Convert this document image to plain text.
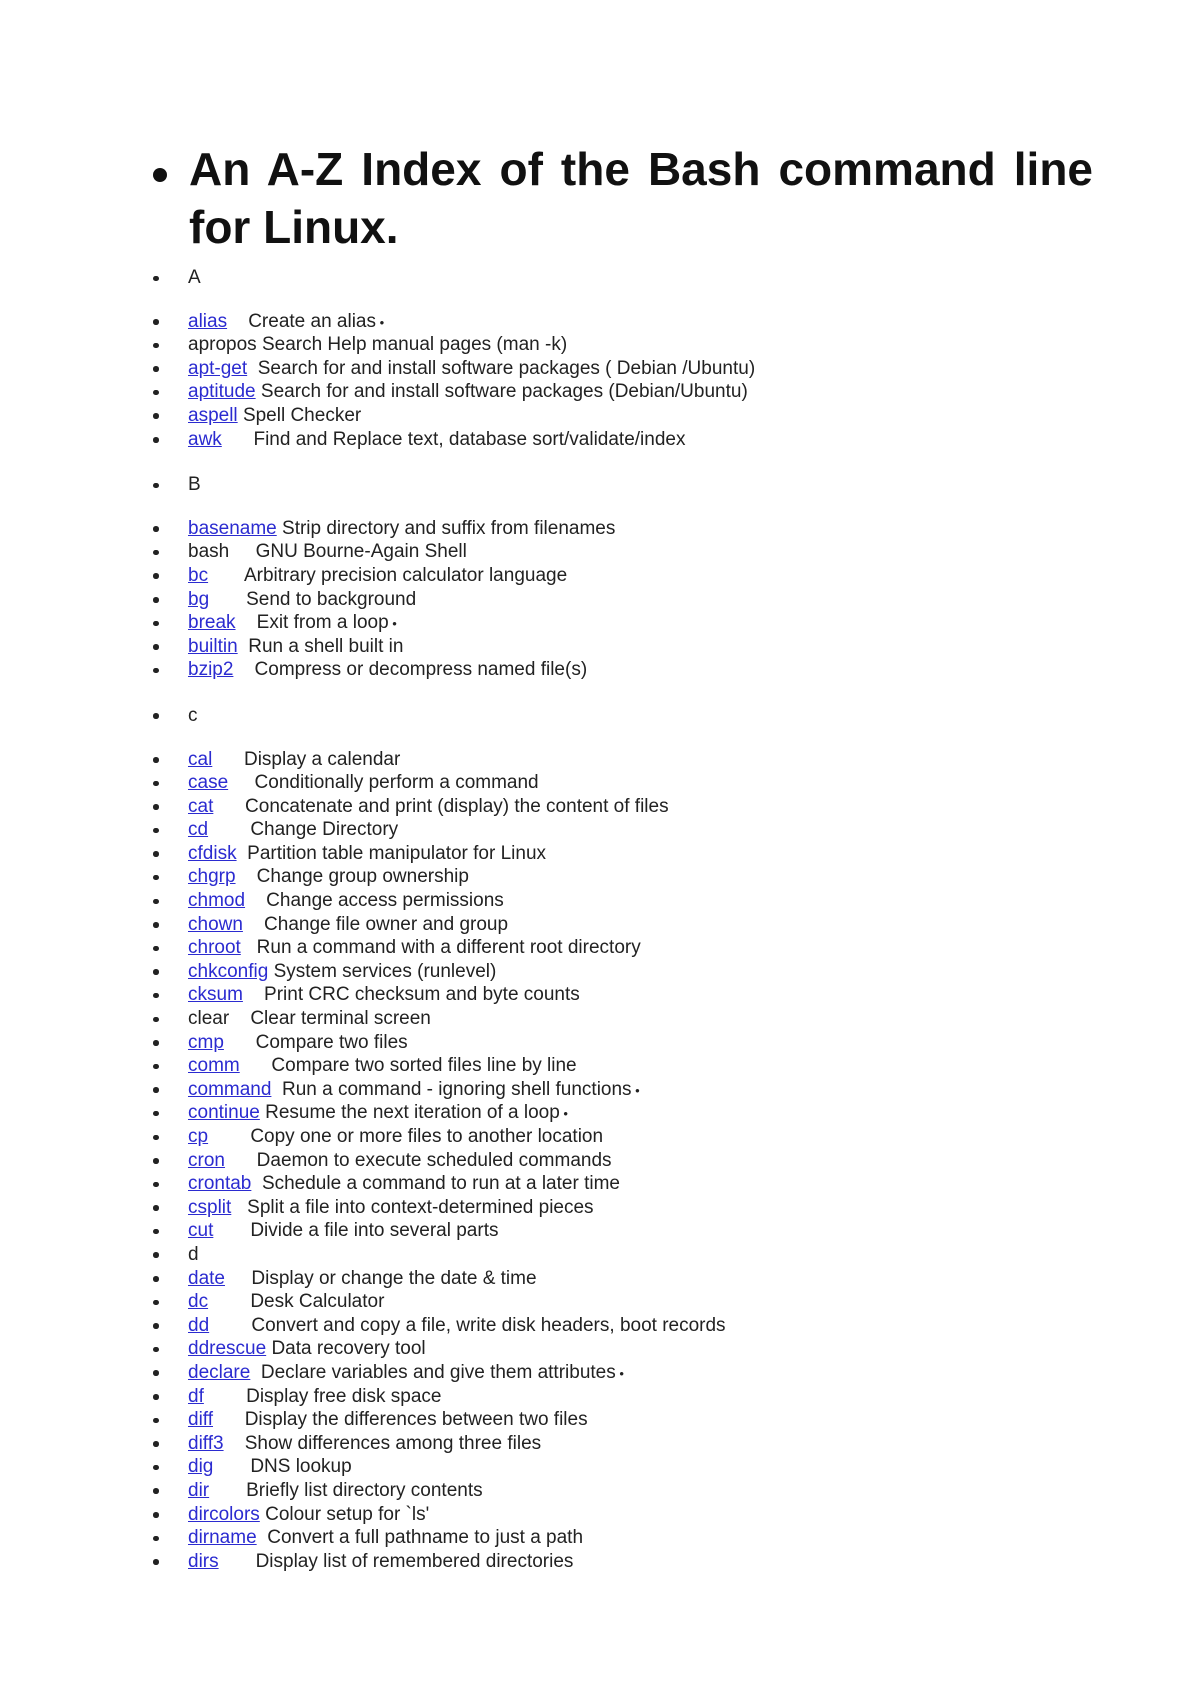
An A-Z Index of the Bash command line for Linux.
A
alias Create an alias •
apropos Search Help manual pages (man -k)
apt-get Search for and install software packages ( Debian /Ubuntu)
aptitude Search for and install software packages (Debian/Ubuntu)
aspell Spell Checker
awk Find and Replace text, database sort/validate/index
B
basename Strip directory and suffix from filenames
bash GNU Bourne-Again Shell
bc Arbitrary precision calculator language
bg Send to background
break Exit from a loop •
builtin Run a shell built in
bzip2 Compress or decompress named file(s)
c
cal Display a calendar
case Conditionally perform a command
cat Concatenate and print (display) the content of files
cd Change Directory
cfdisk Partition table manipulator for Linux
chgrp Change group ownership
chmod Change access permissions
chown Change file owner and group
chroot Run a command with a different root directory
chkconfig System services (runlevel)
cksum Print CRC checksum and byte counts
clear Clear terminal screen
cmp Compare two files
comm Compare two sorted files line by line
command Run a command - ignoring shell functions •
continue Resume the next iteration of a loop •
cp Copy one or more files to another location
cron Daemon to execute scheduled commands
crontab Schedule a command to run at a later time
csplit Split a file into context-determined pieces
cut Divide a file into several parts
d
date Display or change the date & time
dc Desk Calculator
dd Convert and copy a file, write disk headers, boot records
ddrescue Data recovery tool
declare Declare variables and give them attributes •
df Display free disk space
diff Display the differences between two files
diff3 Show differences among three files
dig DNS lookup
dir Briefly list directory contents
dircolors Colour setup for `ls'
dirname Convert a full pathname to just a path
dirs Display list of remembered directories
